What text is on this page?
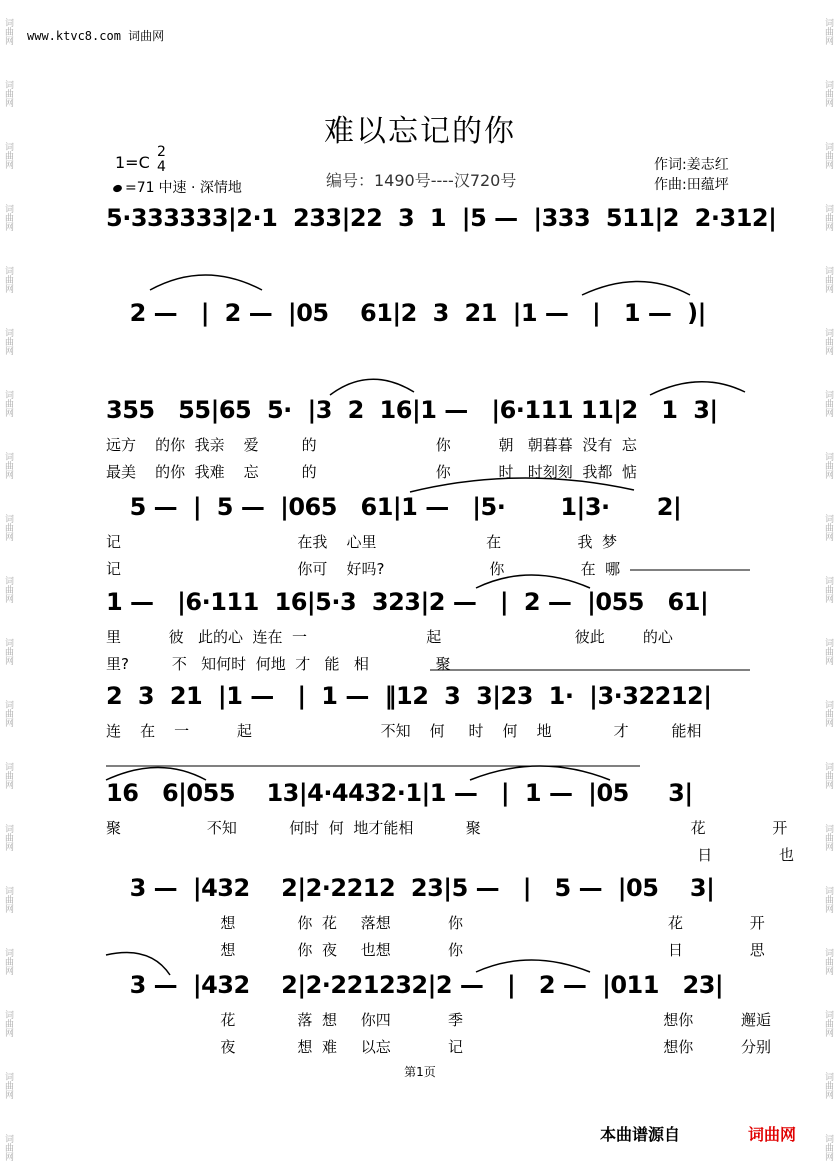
词曲网
词曲网
词曲网
词曲网
词曲网
词曲网
词曲网
词曲网
词曲网
词曲网
词曲网
词曲网
词曲网
词曲网
词曲网
词曲网
词曲网
词曲网
词曲网
词曲网
词曲网
词曲网
词曲网
词曲网
词曲网
词曲网
词曲网
词曲网
词曲网
词曲网
词曲网
词曲网
词曲网
词曲网
词曲网
词曲网
词曲网
词曲网
www.ktvc8.com 词曲网
难以忘记的你
1=C
2
4
=71 中速 · 深情地	编号：1490号----汉720号
作词:姜志红
作曲:田蕴坪
5·333333|2·1  233|22  3  1  |5 —  |333  511|2  2·312|
2 —   |  2 —  |05    61|2  3  21  |1 —   |   1 —  )|
355   55|65  5·  |3  2  16|1 —   |6·111 11|2   1  3|
远方    的你  我亲    爱         的                         你          朝   朝暮暮  没有  忘
最美    的你  我难    忘         的                         你          时   时刻刻  我都  惦
5 —  |  5 —  |065   61|1 —   |5·       1|3·      2|
记                                     在我    心里                       在                我  梦
记                                     你可    好吗?                      你                在  哪
1 —   |6·111  16|5·3  323|2 —   |  2 —  |055   61|
里          彼   此的心  连在  一                         起                            彼此        的心
里?         不   知何时  何地  才   能   相              聚
2  3  21  |1 —   |  1 —  ‖12  3  3|23  1·  |3·32212|
连    在    一          起                           不知    何     时    何    地             才         能相
16   6|055    13|4·4432·1|1 —   |  1 —  |05     3|
聚                  不知           何时  何  地才能相           聚                                            花              开
日              也
3 —  |432    2|2·2212  23|5 —   |   5 —  |05    3|
想             你  花     落想            你                                           花              开
想             你  夜     也想            你                                           日              思
3 —  |432    2|2·221232|2 —   |   2 —  |011   23|
花             落  想     你四            季                                          想你          邂逅
夜             想  难     以忘            记                                          想你          分别
第1页
本曲谱源自	词曲网
